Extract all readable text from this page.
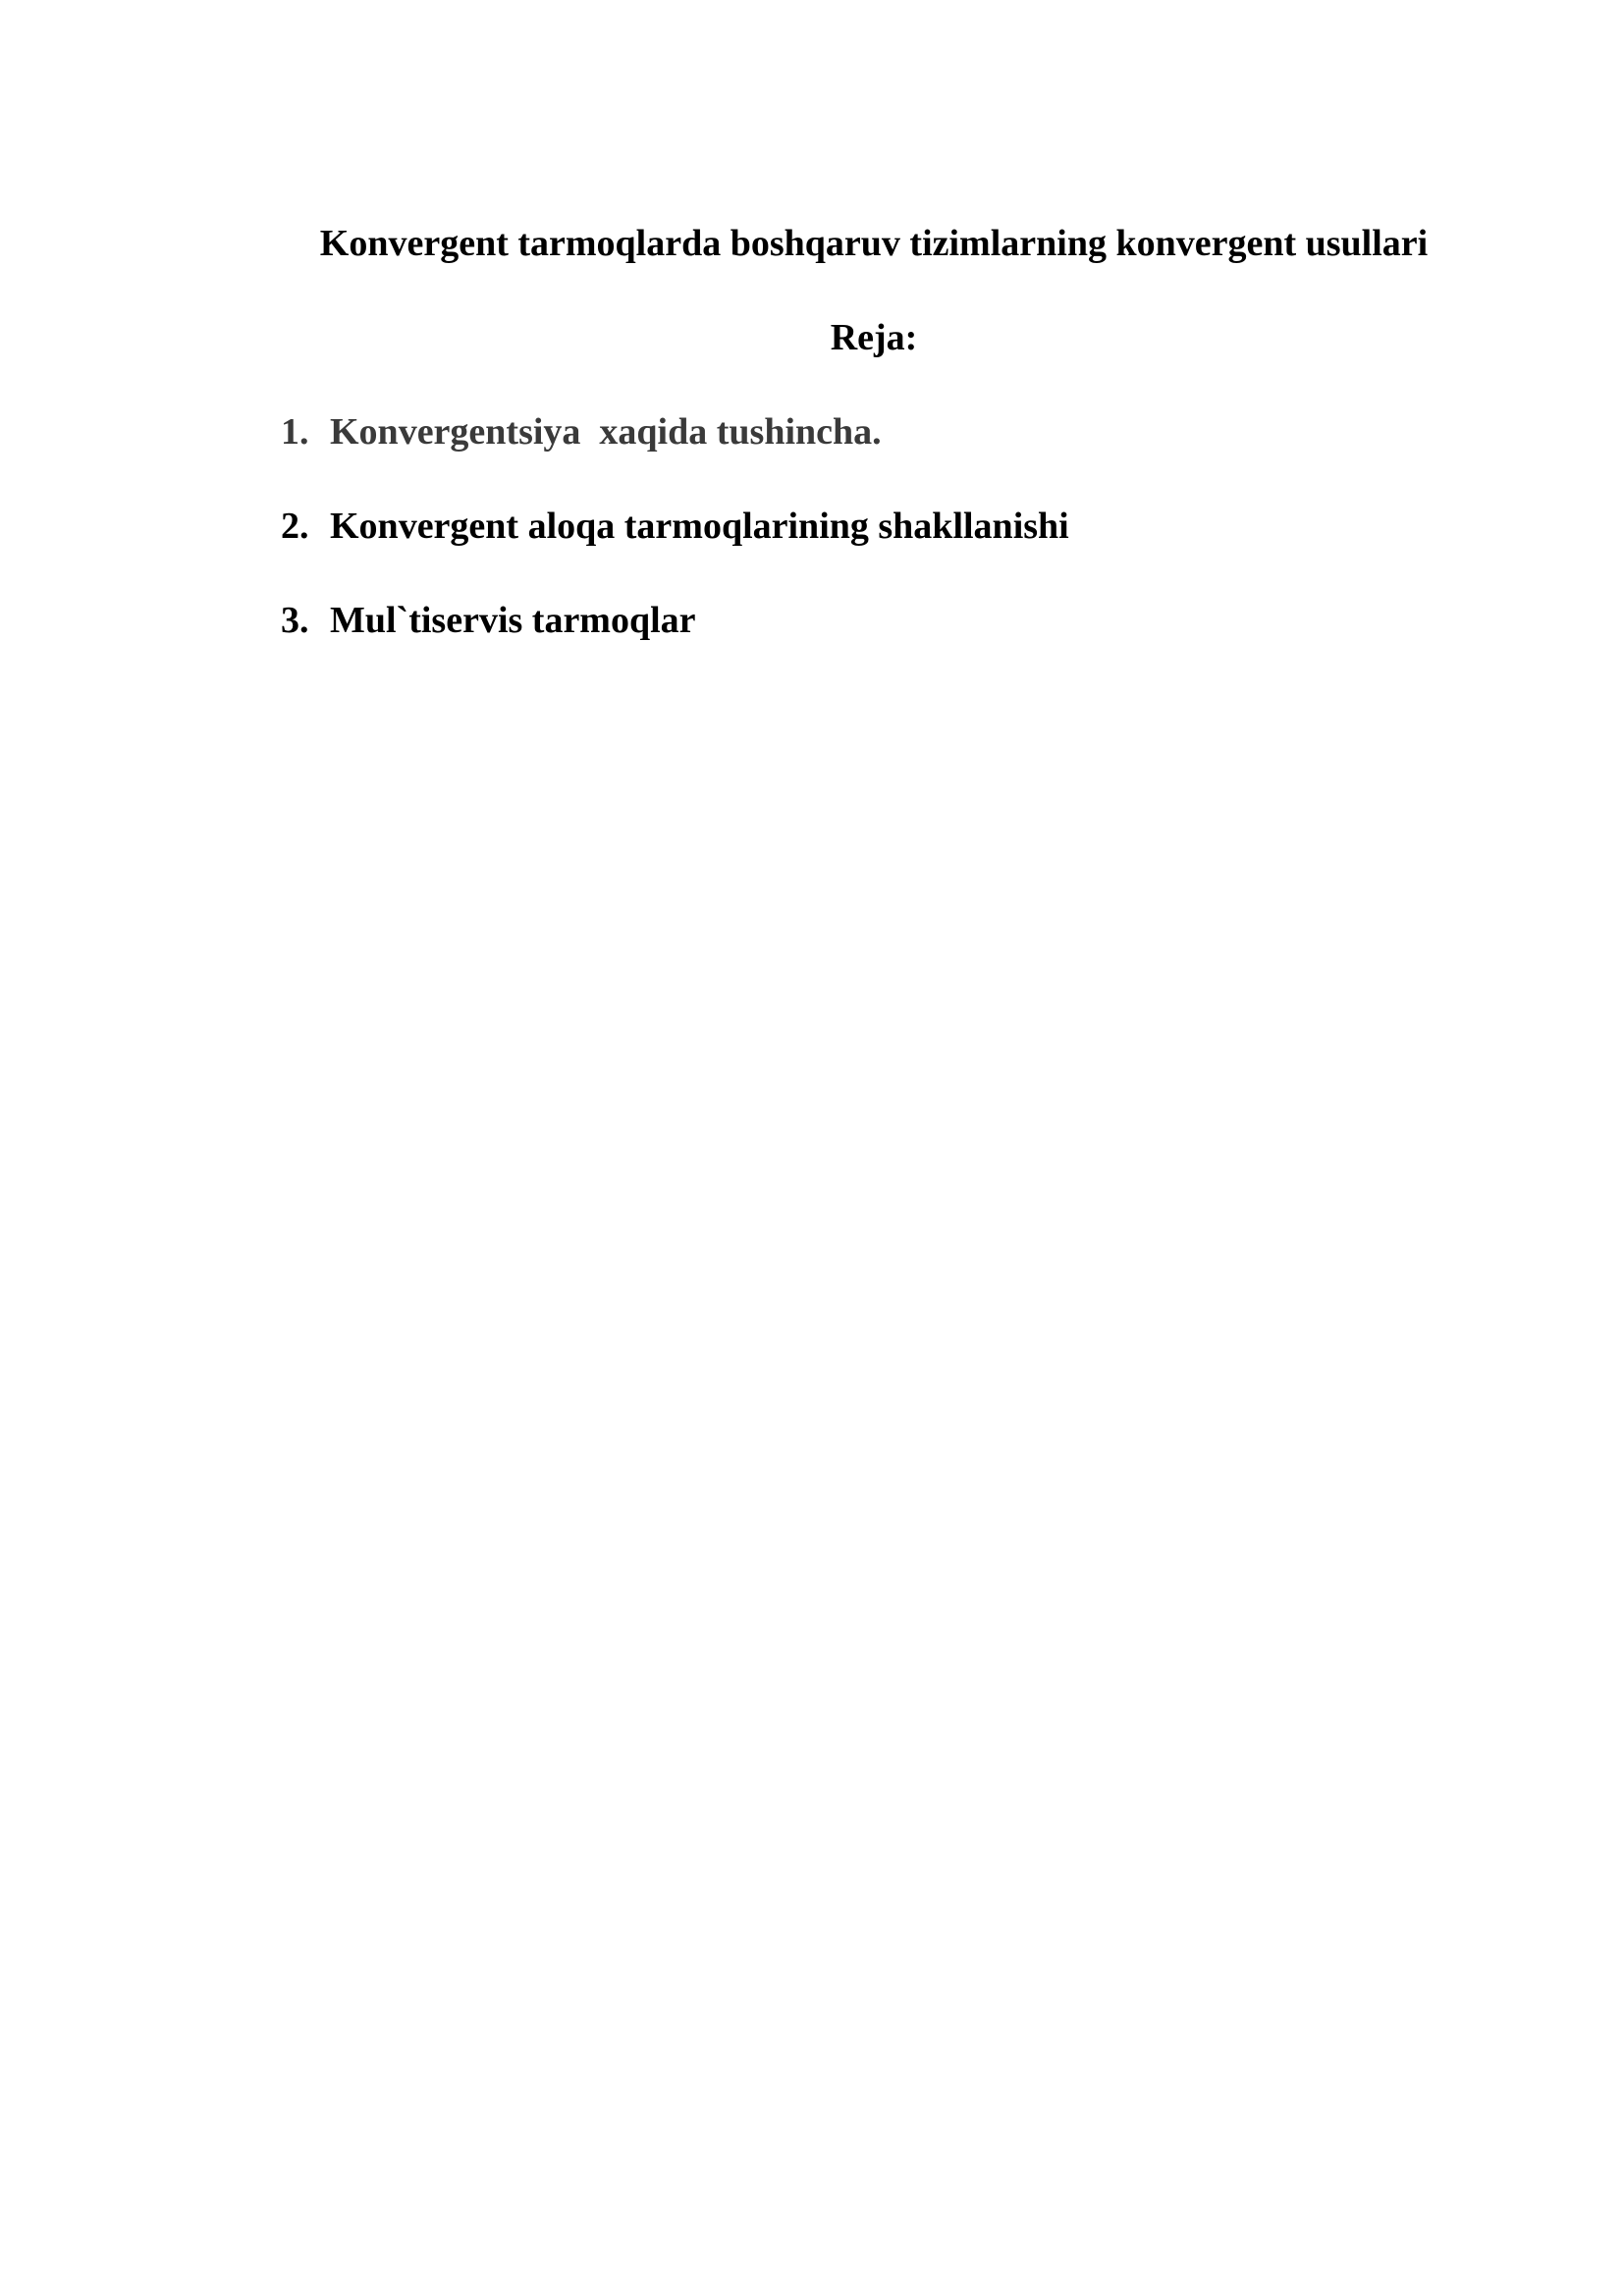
Konvergent tarmoqlarda boshqaruv tizimlarning konvergent usullari
Reja:
1. Konvergentsiya  xaqida tushincha.
2. Konvergent aloqa tarmoqlarining shakllanishi
3. Mul`tiservis tarmoqlar
